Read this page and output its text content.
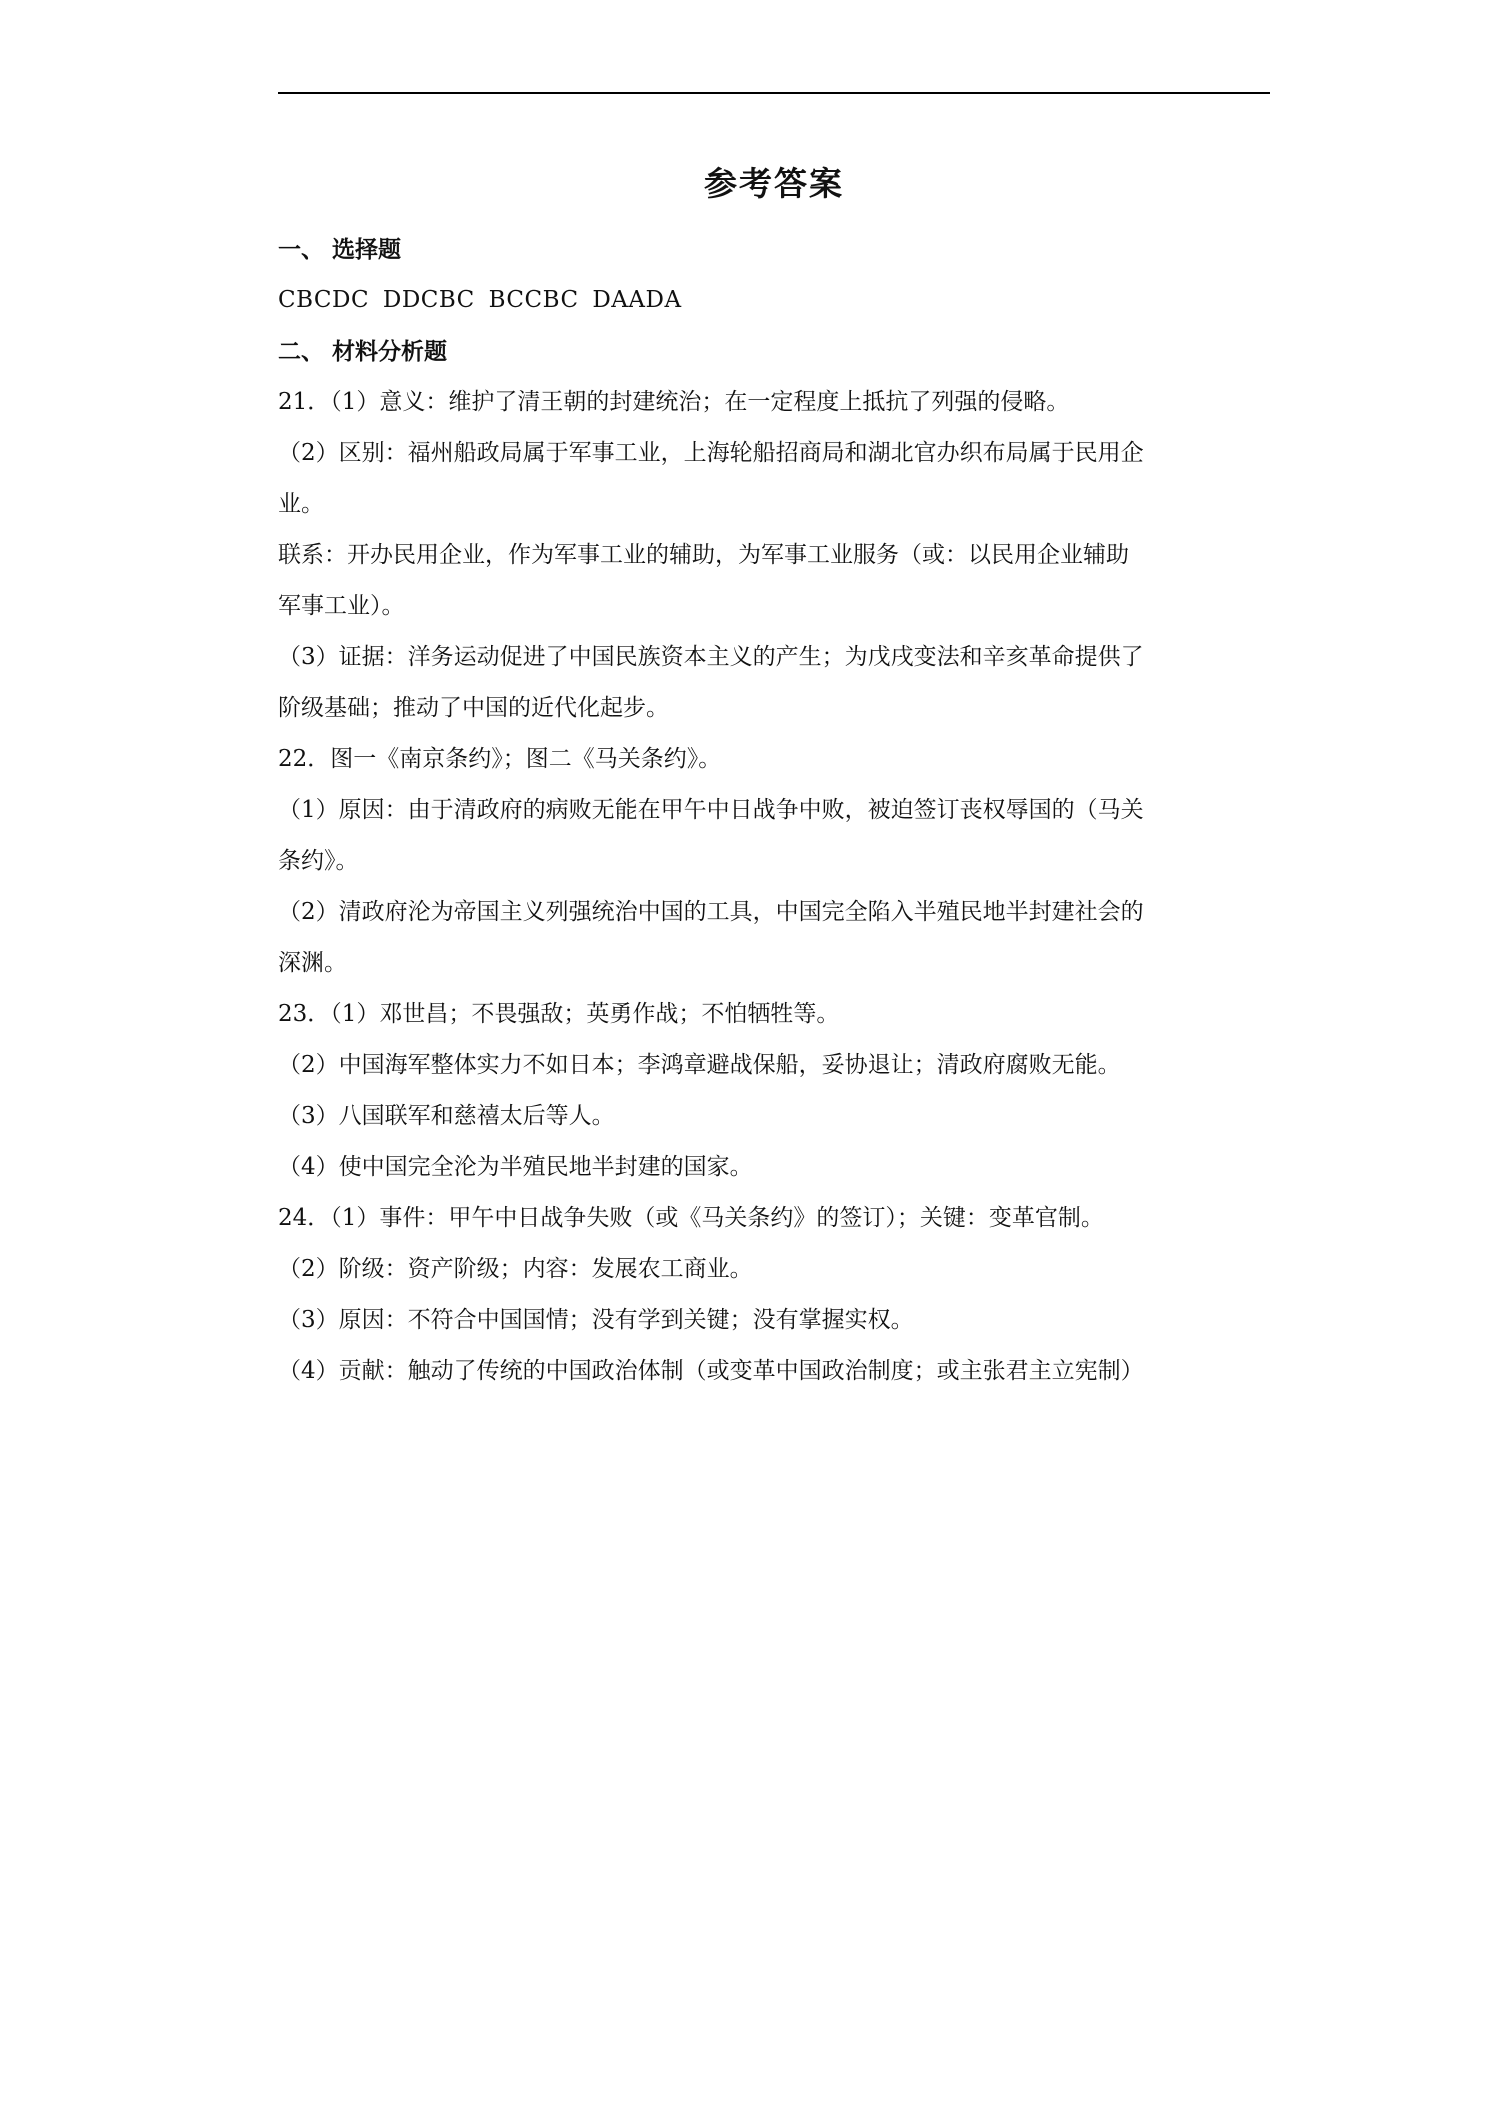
参考答案
一、 选择题
CBCDC DDCBC BCCBC DAADA
二、 材料分析题
21．（1）意义：维护了清王朝的封建统治；在一定程度上抵抗了列强的侵略。
（2）区别：福州船政局属于军事工业，上海轮船招商局和湖北官办织布局属于民用企
业。
联系：开办民用企业，作为军事工业的辅助，为军事工业服务（或：以民用企业辅助
军事工业）。
（3）证据：洋务运动促进了中国民族资本主义的产生；为戊戌变法和辛亥革命提供了
阶级基础；推动了中国的近代化起步。
22．图一《南京条约》；图二《马关条约》。
（1）原因：由于清政府的病败无能在甲午中日战争中败，被迫签订丧权辱国的（马关
条约》。
（2）清政府沦为帝国主义列强统治中国的工具，中国完全陷入半殖民地半封建社会的
深渊。
23．（1）邓世昌；不畏强敌；英勇作战；不怕牺牲等。
（2）中国海军整体实力不如日本；李鸿章避战保船，妥协退让；清政府腐败无能。
（3）八国联军和慈禧太后等人。
（4）使中国完全沦为半殖民地半封建的国家。
24．（1）事件：甲午中日战争失败（或《马关条约》的签订）；关键：变革官制。
（2）阶级：资产阶级；内容：发展农工商业。
（3）原因：不符合中国国情；没有学到关键；没有掌握实权。
（4）贡献：触动了传统的中国政治体制（或变革中国政治制度；或主张君主立宪制）
